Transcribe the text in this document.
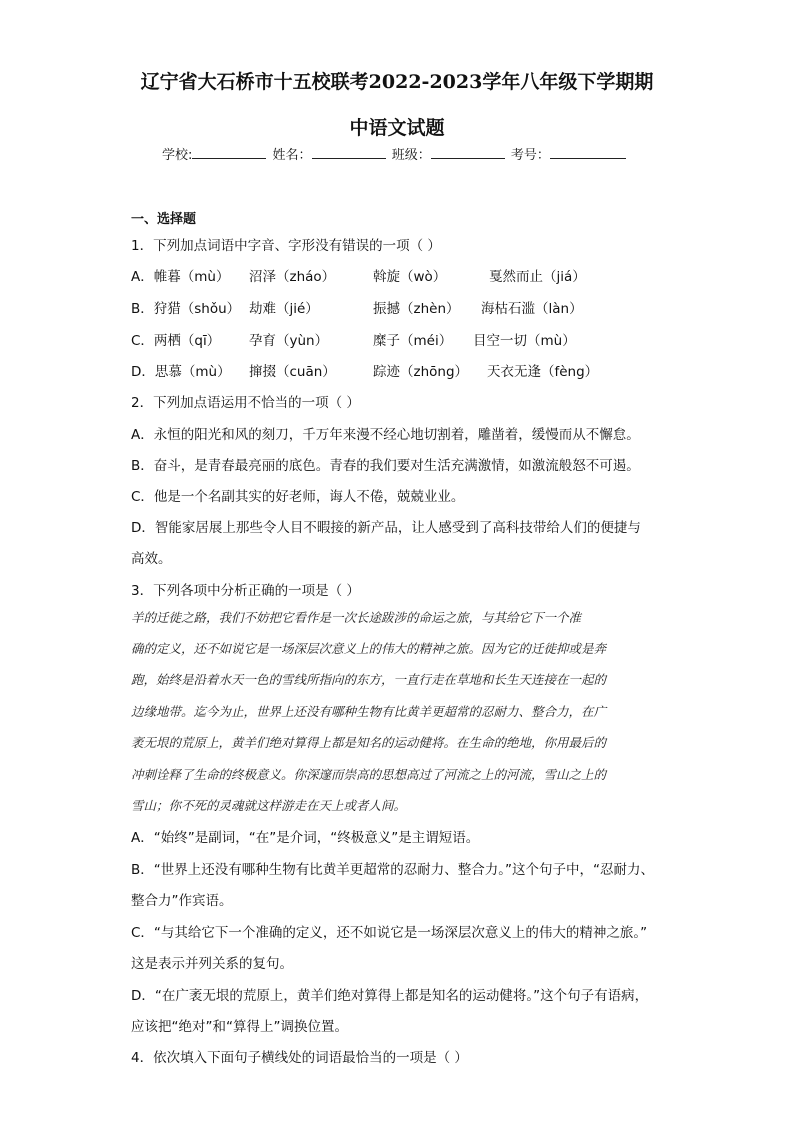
辽宁省大石桥市十五校联考2022-2023学年八年级下学期期
中语文试题
学校:	姓名：	班级：	考号：
一、选择题
1．下列加点词语中字音、字形没有错误的一项（ ）
A．帷暮（mù） 沼泽（zháo）	斡旋（wò）	戛然而止（jiá）
B．狩猎（shǒu） 劫难（jié）	振撼（zhèn） 海枯石滥（làn）
C．两栖（qī） 孕育（yùn）	糜子（méi） 目空一切（mù）
D．思慕（mù） 撺掇（cuān）	踪迹（zhōng） 天衣无逢（fèng）
2．下列加点语运用不恰当的一项（ ）
A．永恒的阳光和风的刻刀，千万年来漫不经心地切割着，雕凿着，缓慢而从不懈怠。
B．奋斗，是青春最亮丽的底色。青春的我们要对生活充满激情，如激流般怒不可遏。
C．他是一个名副其实的好老师，诲人不倦，兢兢业业。
D．智能家居展上那些令人目不暇接的新产品，让人感受到了高科技带给人们的便捷与
高效。
3．下列各项中分析正确的一项是（ ）
羊的迁徙之路，我们不妨把它看作是一次长途跋涉的命运之旅，与其给它下一个准
确的定义，还不如说它是一场深层次意义上的伟大的精神之旅。因为它的迁徙抑或是奔
跑，始终是沿着水天一色的雪线所指向的东方，一直行走在草地和长生天连接在一起的
边缘地带。迄今为止，世界上还没有哪种生物有比黄羊更超常的忍耐力、整合力，在广
袤无垠的荒原上，黄羊们绝对算得上都是知名的运动健将。在生命的绝地，你用最后的
冲刺诠释了生命的终极意义。你深邃而崇高的思想高过了河流之上的河流，雪山之上的
雪山；你不死的灵魂就这样游走在天上或者人间。
A．“始终”是副词，“在”是介词，“终极意义”是主谓短语。
B．“世界上还没有哪种生物有比黄羊更超常的忍耐力、整合力。”这个句子中，“忍耐力、
整合力”作宾语。
C．“与其给它下一个准确的定义，还不如说它是一场深层次意义上的伟大的精神之旅。”
这是表示并列关系的复句。
D．“在广袤无垠的荒原上，黄羊们绝对算得上都是知名的运动健将。”这个句子有语病，
应该把“绝对”和“算得上”调换位置。
4．依次填入下面句子横线处的词语最恰当的一项是（ ）
